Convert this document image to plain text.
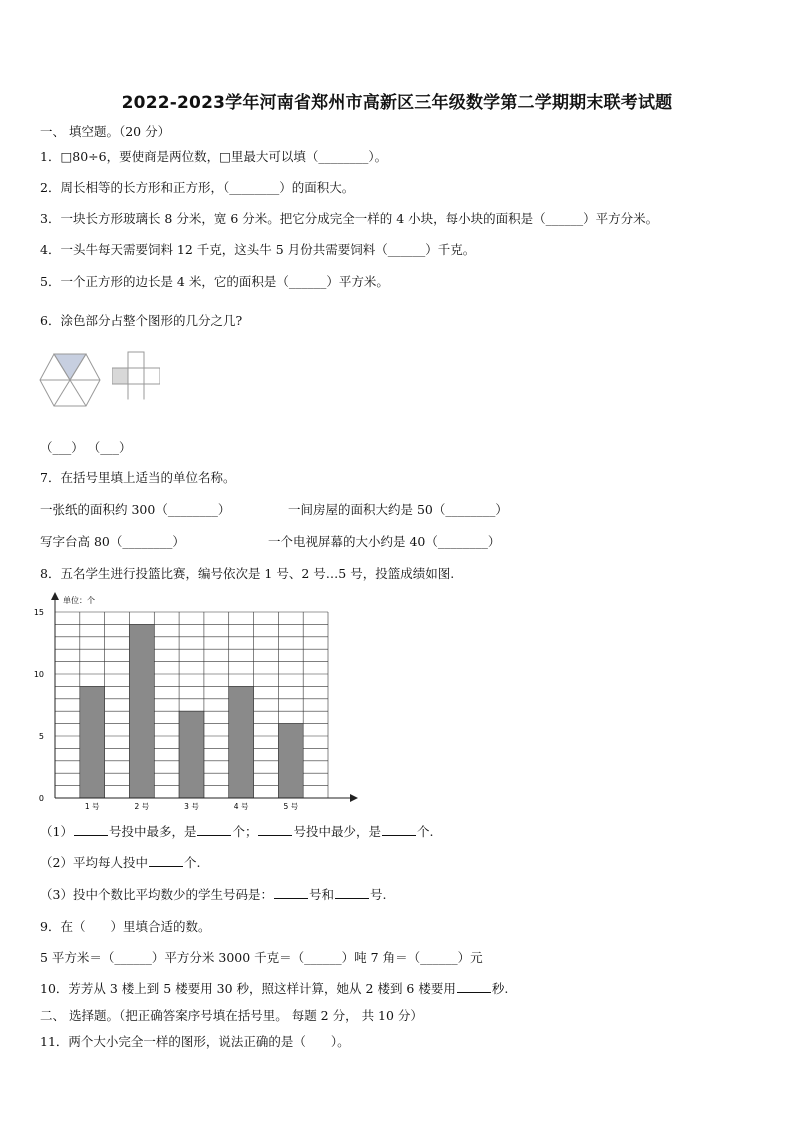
2022-2023学年河南省郑州市高新区三年级数学第二学期期末联考试题
一、 填空题。（20 分）
1．□80÷6，要使商是两位数，□里最大可以填（________）。
2．周长相等的长方形和正方形，（________）的面积大。
3．一块长方形玻璃长 8 分米，宽 6 分米。把它分成完全一样的 4 小块，每小块的面积是（______）平方分米。
4．一头牛每天需要饲料 12 千克，这头牛 5 月份共需要饲料（______）千克。
5．一个正方形的边长是 4 米，它的面积是（______）平方米。
6．涂色部分占整个图形的几分之几?
（___） （___）
7．在括号里填上适当的单位名称。
一张纸的面积约 300（________）	一间房屋的面积大约是 50（________）
写字台高 80（________）	一个电视屏幕的大小约是 40（________）
8．五名学生进行投篮比赛，编号依次是 1 号、2 号…5 号，投篮成绩如图.
单位：个
0
5
10
15
1 号	2 号	3 号	4 号	5 号
（1）	号投中最多，是	个；	号投中最少，是	个.
（2）平均每人投中	个.
（3）投中个数比平均数少的学生号码是：	号和	号.
9．在（　　）里填合适的数。
5 平方米＝（______）平方分米 3000 千克＝（______）吨 7 角＝（______）元
10．芳芳从 3 楼上到 5 楼要用 30 秒，照这样计算，她从 2 楼到 6 楼要用	秒.
二、 选择题。（把正确答案序号填在括号里。 每题 2 分， 共 10 分）
11．两个大小完全一样的图形，说法正确的是（　　）。
